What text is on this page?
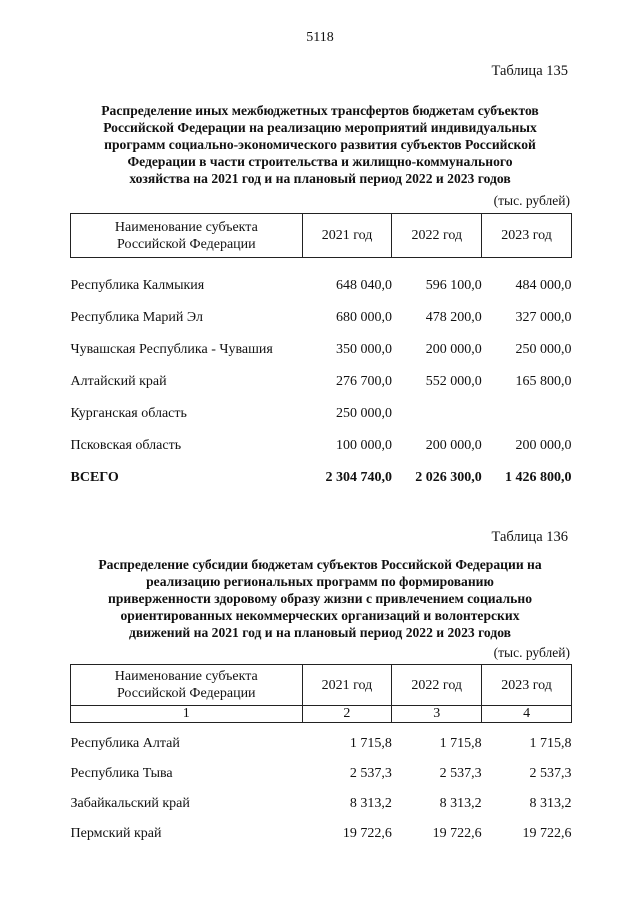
5118
Таблица 135
Распределение иных межбюджетных трансфертов бюджетам субъектов
Российской Федерации на реализацию мероприятий индивидуальных
программ социально-экономического развития субъектов Российской
Федерации в части строительства и жилищно-коммунального
хозяйства на 2021 год и на плановый период 2022 и 2023 годов
(тыс. рублей)
Наименование субъекта
Российской Федерации	2021 год	2022 год	2023 год

Республика Калмыкия	648 040,0	596 100,0	484 000,0
Республика Марий Эл	680 000,0	478 200,0	327 000,0
Чувашская Республика - Чувашия	350 000,0	200 000,0	250 000,0
Алтайский край	276 700,0	552 000,0	165 800,0
Курганская область	250 000,0		
Псковская область	100 000,0	200 000,0	200 000,0
ВСЕГО	2 304 740,0	2 026 300,0	1 426 800,0
Таблица 136
Распределение субсидии бюджетам субъектов Российской Федерации на
реализацию региональных программ по формированию
приверженности здоровому образу жизни с привлечением социально
ориентированных некоммерческих организаций и волонтерских
движений на 2021 год и на плановый период 2022 и 2023 годов
(тыс. рублей)
Наименование субъекта
Российской Федерации	2021 год	2022 год	2023 год
1	2	3	4

Республика Алтай	1 715,8	1 715,8	1 715,8
Республика Тыва	2 537,3	2 537,3	2 537,3
Забайкальский край	8 313,2	8 313,2	8 313,2
Пермский край	19 722,6	19 722,6	19 722,6
